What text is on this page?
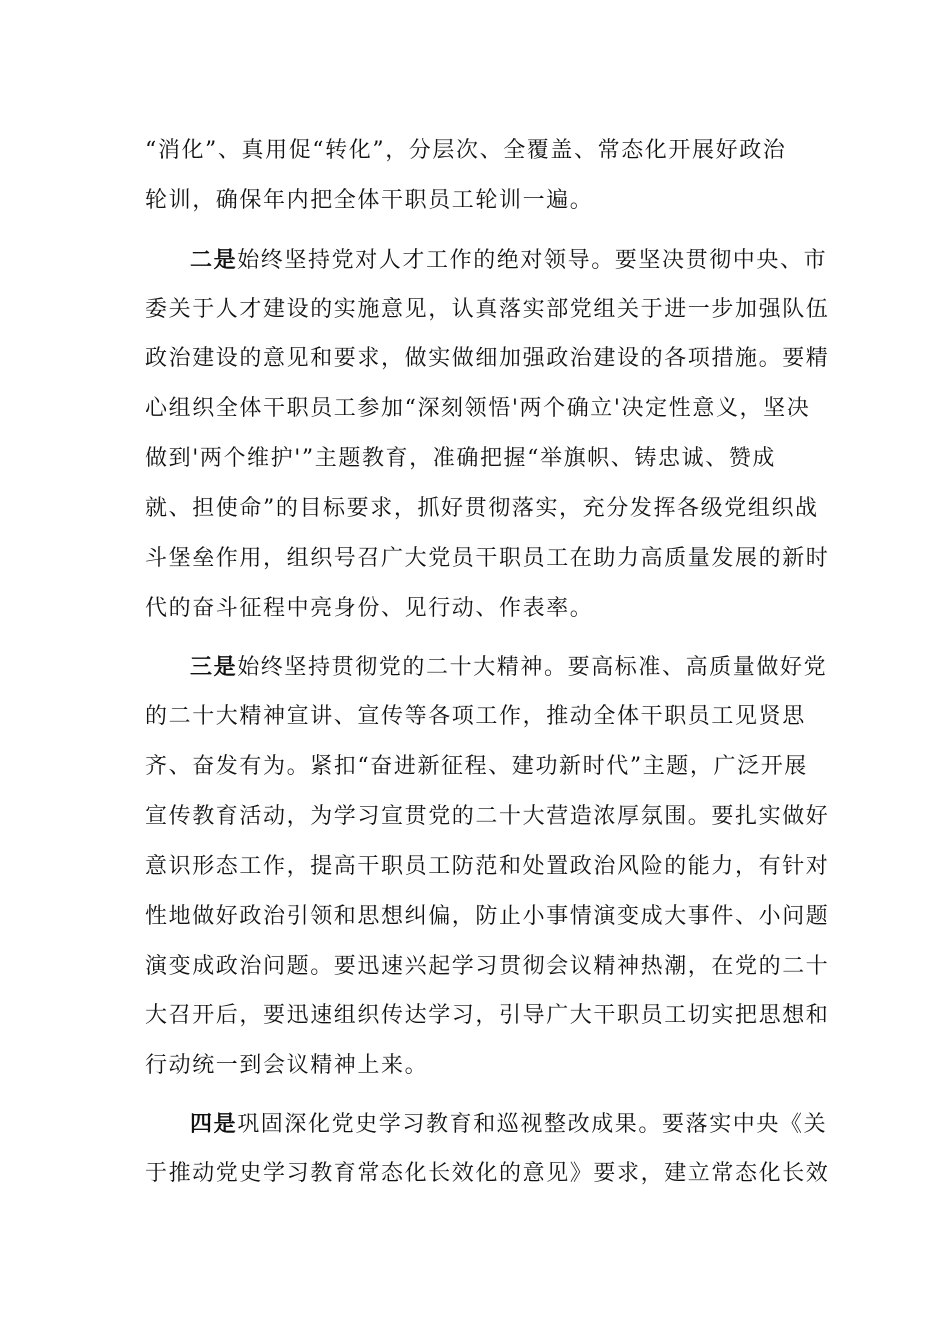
“消化”、真用促“转化”，分层次、全覆盖、常态化开展好政治
轮训，确保年内把全体干职员工轮训一遍。
二是始终坚持党对人才工作的绝对领导。要坚决贯彻中央、市
委关于人才建设的实施意见，认真落实部党组关于进一步加强队伍
政治建设的意见和要求，做实做细加强政治建设的各项措施。要精
心组织全体干职员工参加“深刻领悟'两个确立'决定性意义，坚决
做到'两个维护'”主题教育，准确把握“举旗帜、铸忠诚、赞成
就、担使命”的目标要求，抓好贯彻落实，充分发挥各级党组织战
斗堡垒作用，组织号召广大党员干职员工在助力高质量发展的新时
代的奋斗征程中亮身份、见行动、作表率。
三是始终坚持贯彻党的二十大精神。要高标准、高质量做好党
的二十大精神宣讲、宣传等各项工作，推动全体干职员工见贤思
齐、奋发有为。紧扣“奋进新征程、建功新时代”主题，广泛开展
宣传教育活动，为学习宣贯党的二十大营造浓厚氛围。要扎实做好
意识形态工作，提高干职员工防范和处置政治风险的能力，有针对
性地做好政治引领和思想纠偏，防止小事情演变成大事件、小问题
演变成政治问题。要迅速兴起学习贯彻会议精神热潮，在党的二十
大召开后，要迅速组织传达学习，引导广大干职员工切实把思想和
行动统一到会议精神上来。
四是巩固深化党史学习教育和巡视整改成果。要落实中央《关
于推动党史学习教育常态化长效化的意见》要求，建立常态化长效
